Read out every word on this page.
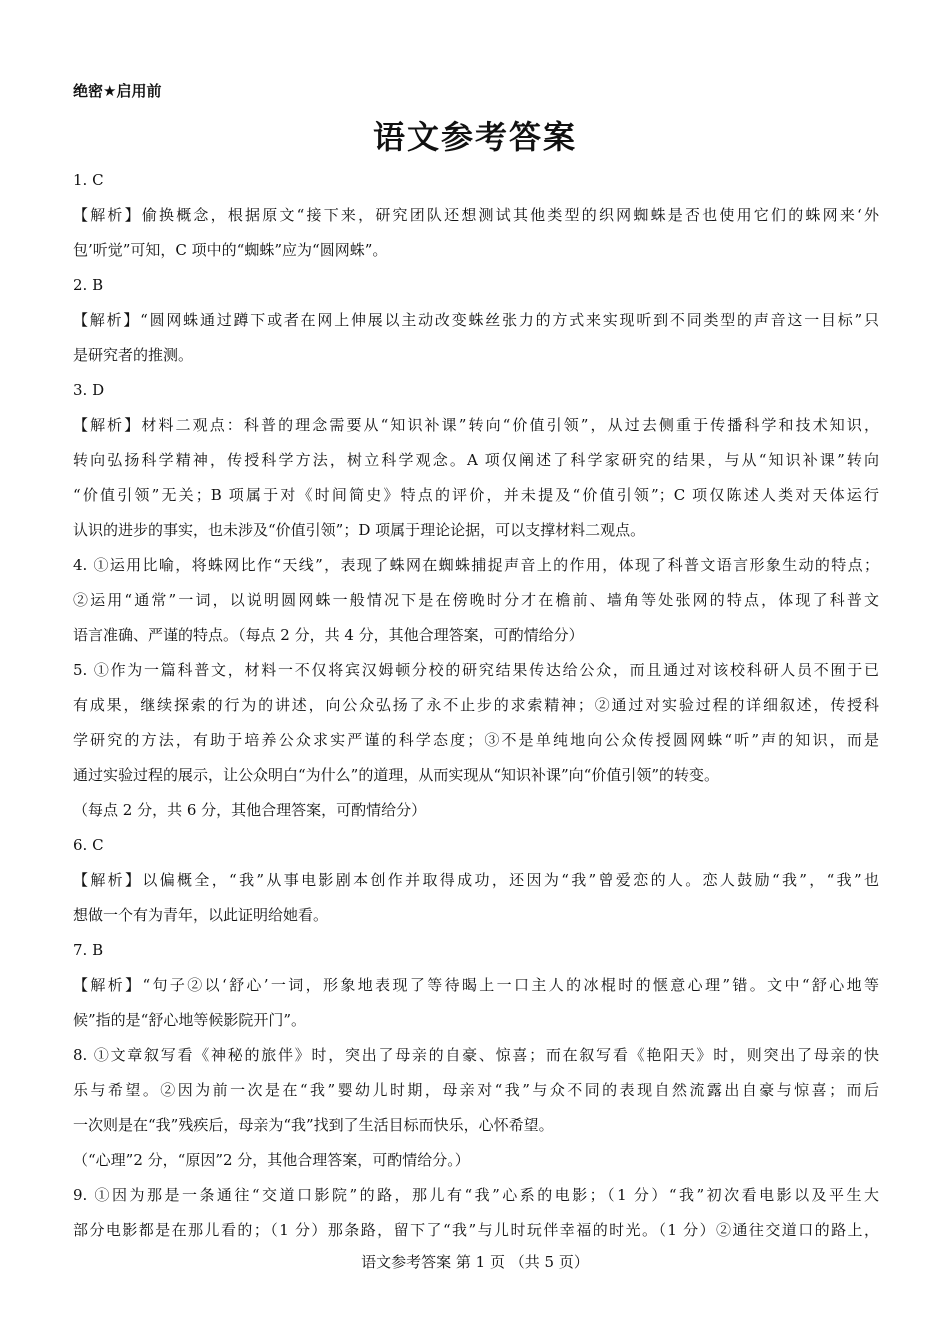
绝密★启用前
语文参考答案
1. C
【解析】偷换概念，根据原文“接下来，研究团队还想测试其他类型的织网蜘蛛是否也使用它们的蛛网来‘外
包’听觉”可知，C 项中的“蜘蛛”应为“圆网蛛”。
2. B
【解析】“圆网蛛通过蹲下或者在网上伸展以主动改变蛛丝张力的方式来实现听到不同类型的声音这一目标”只
是研究者的推测。
3. D
【解析】材料二观点：科普的理念需要从“知识补课”转向“价值引领”，从过去侧重于传播科学和技术知识，
转向弘扬科学精神，传授科学方法，树立科学观念。A 项仅阐述了科学家研究的结果，与从“知识补课”转向
“价值引领”无关；B 项属于对《时间简史》特点的评价，并未提及“价值引领”；C 项仅陈述人类对天体运行
认识的进步的事实，也未涉及“价值引领”；D 项属于理论论据，可以支撑材料二观点。
4. ①运用比喻，将蛛网比作“天线”，表现了蛛网在蜘蛛捕捉声音上的作用，体现了科普文语言形象生动的特点；
②运用“通常”一词，以说明圆网蛛一般情况下是在傍晚时分才在檐前、墙角等处张网的特点，体现了科普文
语言准确、严谨的特点。（每点 2 分，共 4 分，其他合理答案，可酌情给分）
5. ①作为一篇科普文，材料一不仅将宾汉姆顿分校的研究结果传达给公众，而且通过对该校科研人员不囿于已
有成果，继续探索的行为的讲述，向公众弘扬了永不止步的求索精神；②通过对实验过程的详细叙述，传授科
学研究的方法，有助于培养公众求实严谨的科学态度；③不是单纯地向公众传授圆网蛛“听”声的知识，而是
通过实验过程的展示，让公众明白“为什么”的道理，从而实现从“知识补课”向“价值引领”的转变。
（每点 2 分，共 6 分，其他合理答案，可酌情给分）
6. C
【解析】以偏概全，“我”从事电影剧本创作并取得成功，还因为“我”曾爱恋的人。恋人鼓励“我”，“我”也
想做一个有为青年，以此证明给她看。
7. B
【解析】“句子②以‘舒心’一词，形象地表现了等待暍上一口主人的冰棍时的惬意心理”错。文中“舒心地等
候”指的是“舒心地等候影院开门”。
8. ①文章叙写看《神秘的旅伴》时，突出了母亲的自豪、惊喜；而在叙写看《艳阳天》时，则突出了母亲的快
乐与希望。②因为前一次是在“我”婴幼儿时期，母亲对“我”与众不同的表现自然流露出自豪与惊喜；而后
一次则是在“我”残疾后，母亲为“我”找到了生活目标而快乐，心怀希望。
（“心理”2 分，“原因”2 分，其他合理答案，可酌情给分。）
9. ①因为那是一条通往“交道口影院”的路，那儿有“我”心系的电影；（1 分）“我”初次看电影以及平生大
部分电影都是在那儿看的；（1 分）那条路，留下了“我”与儿时玩伴幸福的时光。（1 分）②通往交道口的路上，
语文参考答案 第 1 页 （共 5 页）
